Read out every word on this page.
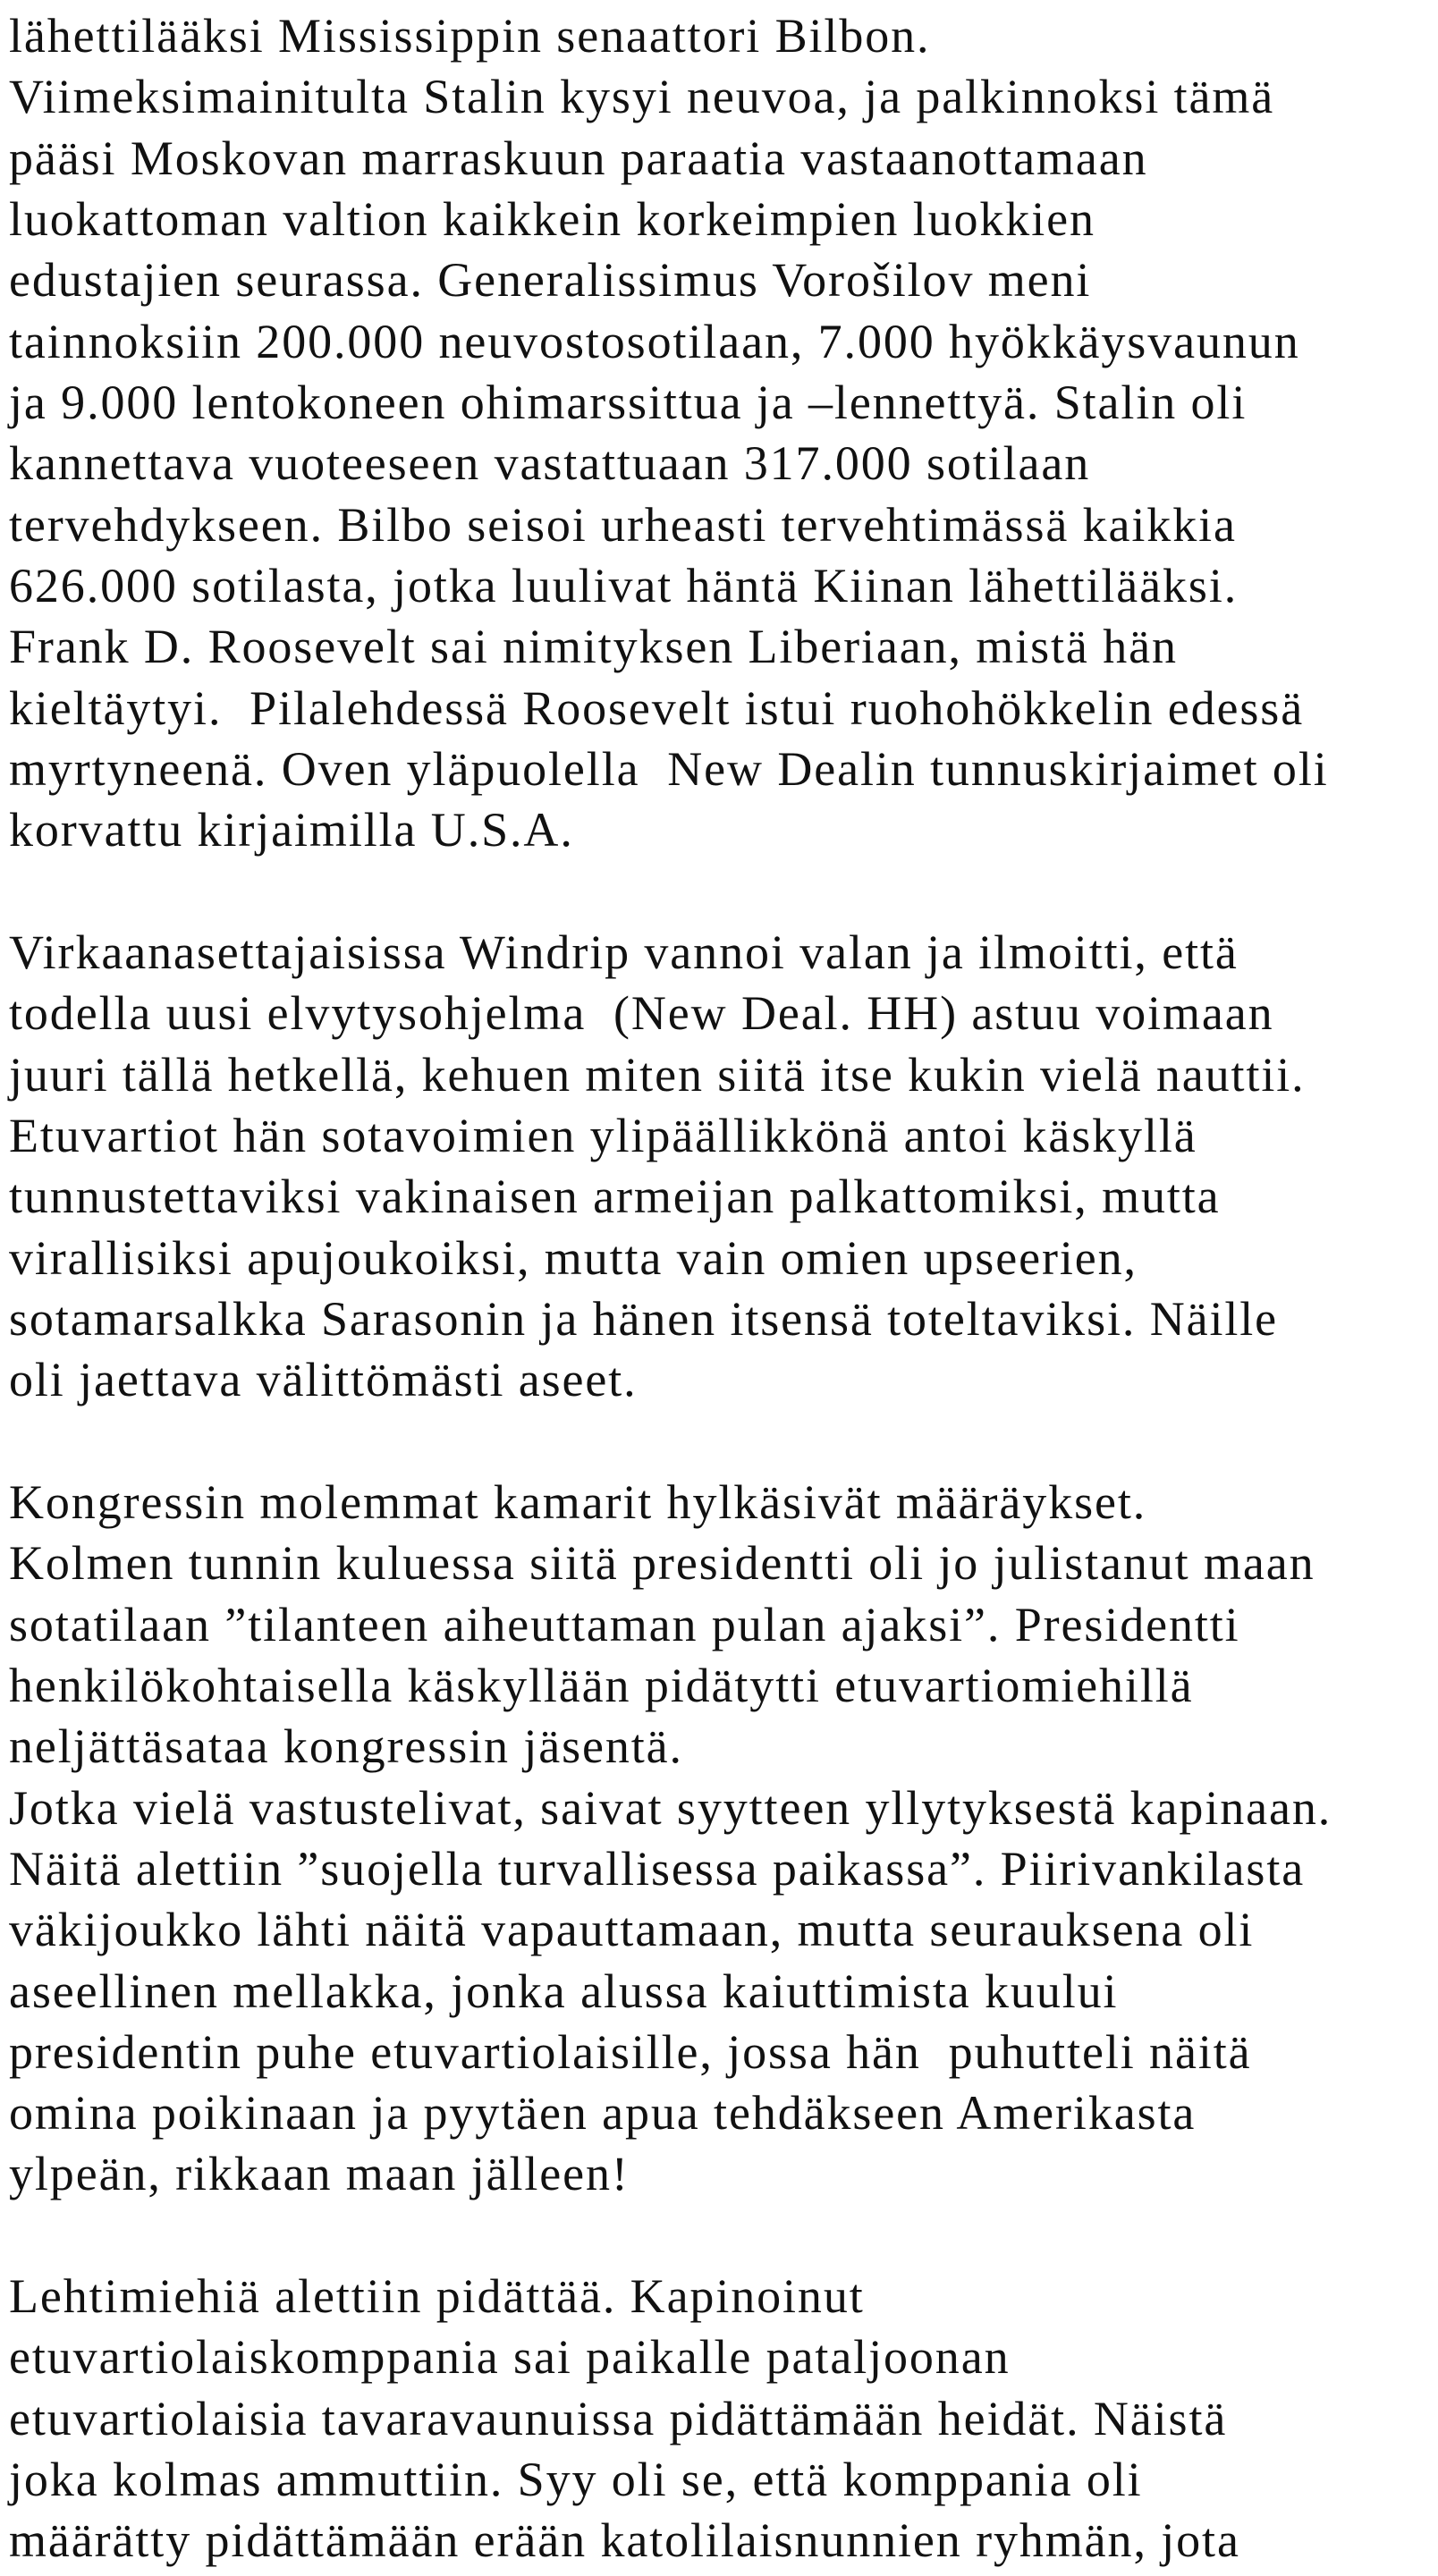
lähettilääksi Mississippin senaattori Bilbon.
Viimeksimainitulta Stalin kysyi neuvoa, ja palkinnoksi tämä
pääsi Moskovan marraskuun paraatia vastaanottamaan
luokattoman valtion kaikkein korkeimpien luokkien
edustajien seurassa. Generalissimus Vorošilov meni
tainnoksiin 200.000 neuvostosotilaan, 7.000 hyökkäysvaunun
ja 9.000 lentokoneen ohimarssittua ja –lennettyä. Stalin oli
kannettava vuoteeseen vastattuaan 317.000 sotilaan
tervehdykseen. Bilbo seisoi urheasti tervehtimässä kaikkia
626.000 sotilasta, jotka luulivat häntä Kiinan lähettilääksi.
Frank D. Roosevelt sai nimityksen Liberiaan, mistä hän
kieltäytyi.  Pilalehdessä Roosevelt istui ruohohökkelin edessä
myrtyneenä. Oven yläpuolella  New Dealin tunnuskirjaimet oli
korvattu kirjaimilla U.S.A.
Virkaanasettajaisissa Windrip vannoi valan ja ilmoitti, että
todella uusi elvytysohjelma  (New Deal. HH) astuu voimaan
juuri tällä hetkellä, kehuen miten siitä itse kukin vielä nauttii.
Etuvartiot hän sotavoimien ylipäällikkönä antoi käskyllä
tunnustettaviksi vakinaisen armeijan palkattomiksi, mutta
virallisiksi apujoukoiksi, mutta vain omien upseerien,
sotamarsalkka Sarasonin ja hänen itsensä toteltaviksi. Näille
oli jaettava välittömästi aseet.
Kongressin molemmat kamarit hylkäsivät määräykset.
Kolmen tunnin kuluessa siitä presidentti oli jo julistanut maan
sotatilaan ”tilanteen aiheuttaman pulan ajaksi”. Presidentti
henkilökohtaisella käskyllään pidätytti etuvartiomiehillä
neljättäsataa kongressin jäsentä.
Jotka vielä vastustelivat, saivat syytteen yllytyksestä kapinaan.
Näitä alettiin ”suojella turvallisessa paikassa”. Piirivankilasta
väkijoukko lähti näitä vapauttamaan, mutta seurauksena oli
aseellinen mellakka, jonka alussa kaiuttimista kuului
presidentin puhe etuvartiolaisille, jossa hän  puhutteli näitä
omina poikinaan ja pyytäen apua tehdäkseen Amerikasta
ylpeän, rikkaan maan jälleen!
Lehtimiehiä alettiin pidättää. Kapinoinut
etuvartiolaiskomppania sai paikalle pataljoonan
etuvartiolaisia tavaravaunuissa pidättämään heidät. Näistä
joka kolmas ammuttiin. Syy oli se, että komppania oli
määrätty pidättämään erään katolilaisnunnien ryhmän, jota
